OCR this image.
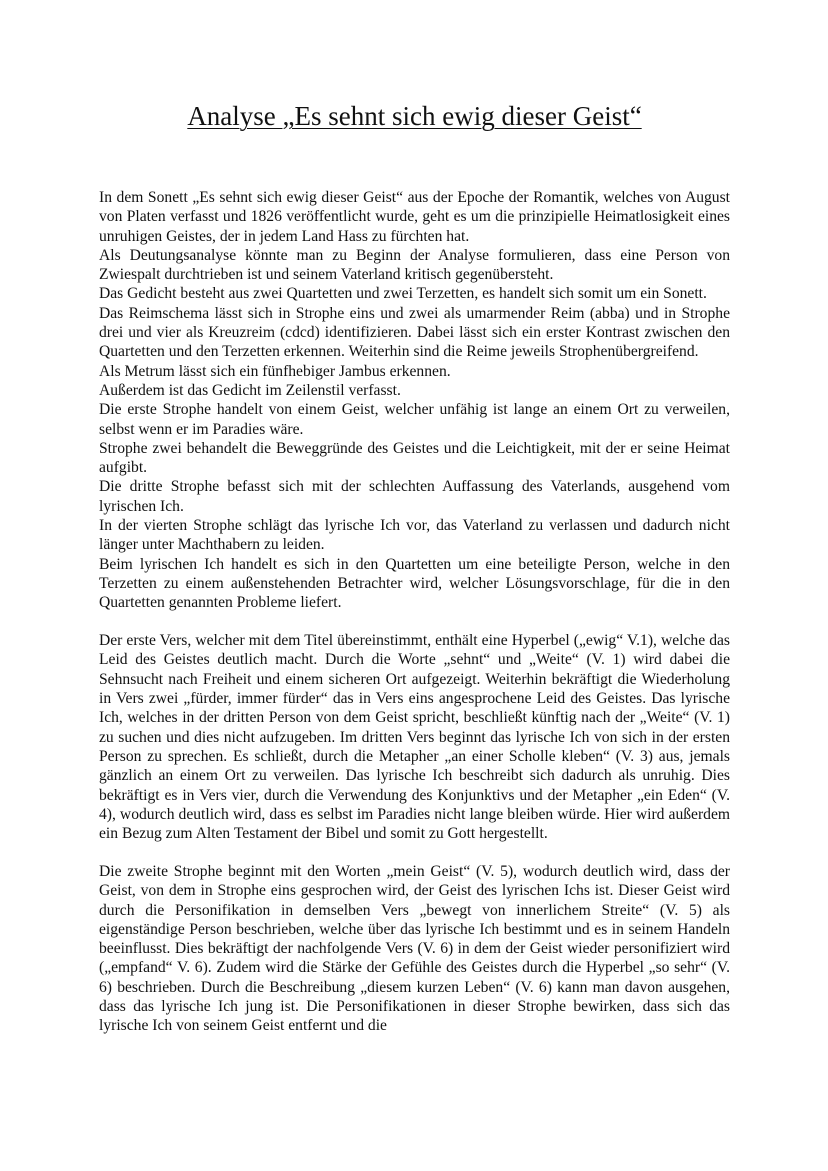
Analyse „Es sehnt sich ewig dieser Geist“

In dem Sonett „Es sehnt sich ewig dieser Geist“ aus der Epoche der Romantik, welches von August von Platen verfasst und 1826 veröffentlicht wurde, geht es um die prinzipielle Heimatlosigkeit eines unruhigen Geistes, der in jedem Land Hass zu fürchten hat.

Als Deutungsanalyse könnte man zu Beginn der Analyse formulieren, dass eine Person von Zwiespalt durchtrieben ist und seinem Vaterland kritisch gegenübersteht.

Das Gedicht besteht aus zwei Quartetten und zwei Terzetten, es handelt sich somit um ein Sonett.

Das Reimschema lässt sich in Strophe eins und zwei als umarmender Reim (abba) und in Strophe drei und vier als Kreuzreim (cdcd) identifizieren. Dabei lässt sich ein erster Kontrast zwischen den Quartetten und den Terzetten erkennen. Weiterhin sind die Reime jeweils Strophenübergreifend.

Als Metrum lässt sich ein fünfhebiger Jambus erkennen.

Außerdem ist das Gedicht im Zeilenstil verfasst.

Die erste Strophe handelt von einem Geist, welcher unfähig ist lange an einem Ort zu verweilen, selbst wenn er im Paradies wäre.

Strophe zwei behandelt die Beweggründe des Geistes und die Leichtigkeit, mit der er seine Heimat aufgibt.

Die dritte Strophe befasst sich mit der schlechten Auffassung des Vaterlands, ausgehend vom lyrischen Ich.

In der vierten Strophe schlägt das lyrische Ich vor, das Vaterland zu verlassen und dadurch nicht länger unter Machthabern zu leiden.

Beim lyrischen Ich handelt es sich in den Quartetten um eine beteiligte Person, welche in den Terzetten zu einem außenstehenden Betrachter wird, welcher Lösungsvorschlage, für die in den Quartetten genannten Probleme liefert.

Der erste Vers, welcher mit dem Titel übereinstimmt, enthält eine Hyperbel („ewig“ V.1), welche das Leid des Geistes deutlich macht. Durch die Worte „sehnt“ und „Weite“ (V. 1) wird dabei die Sehnsucht nach Freiheit und einem sicheren Ort aufgezeigt. Weiterhin bekräftigt die Wiederholung in Vers zwei „fürder, immer fürder“ das in Vers eins angesprochene Leid des Geistes. Das lyrische Ich, welches in der dritten Person von dem Geist spricht, beschließt künftig nach der „Weite“ (V. 1) zu suchen und dies nicht aufzugeben. Im dritten Vers beginnt das lyrische Ich von sich in der ersten Person zu sprechen. Es schließt, durch die Metapher „an einer Scholle kleben“ (V. 3) aus, jemals gänzlich an einem Ort zu verweilen. Das lyrische Ich beschreibt sich dadurch als unruhig. Dies bekräftigt es in Vers vier, durch die Verwendung des Konjunktivs und der Metapher „ein Eden“ (V. 4), wodurch deutlich wird, dass es selbst im Paradies nicht lange bleiben würde. Hier wird außerdem ein Bezug zum Alten Testament der Bibel und somit zu Gott hergestellt.

Die zweite Strophe beginnt mit den Worten „mein Geist“ (V. 5), wodurch deutlich wird, dass der Geist, von dem in Strophe eins gesprochen wird, der Geist des lyrischen Ichs ist. Dieser Geist wird durch die Personifikation in demselben Vers „bewegt von innerlichem Streite“ (V. 5) als eigenständige Person beschrieben, welche über das lyrische Ich bestimmt und es in seinem Handeln beeinflusst. Dies bekräftigt der nachfolgende Vers (V. 6) in dem der Geist wieder personifiziert wird („empfand“ V. 6). Zudem wird die Stärke der Gefühle des Geistes durch die Hyperbel „so sehr“ (V. 6) beschrieben. Durch die Beschreibung „diesem kurzen Leben“ (V. 6) kann man davon ausgehen, dass das lyrische Ich jung ist. Die Personifikationen in dieser Strophe bewirken, dass sich das lyrische Ich von seinem Geist entfernt und die
